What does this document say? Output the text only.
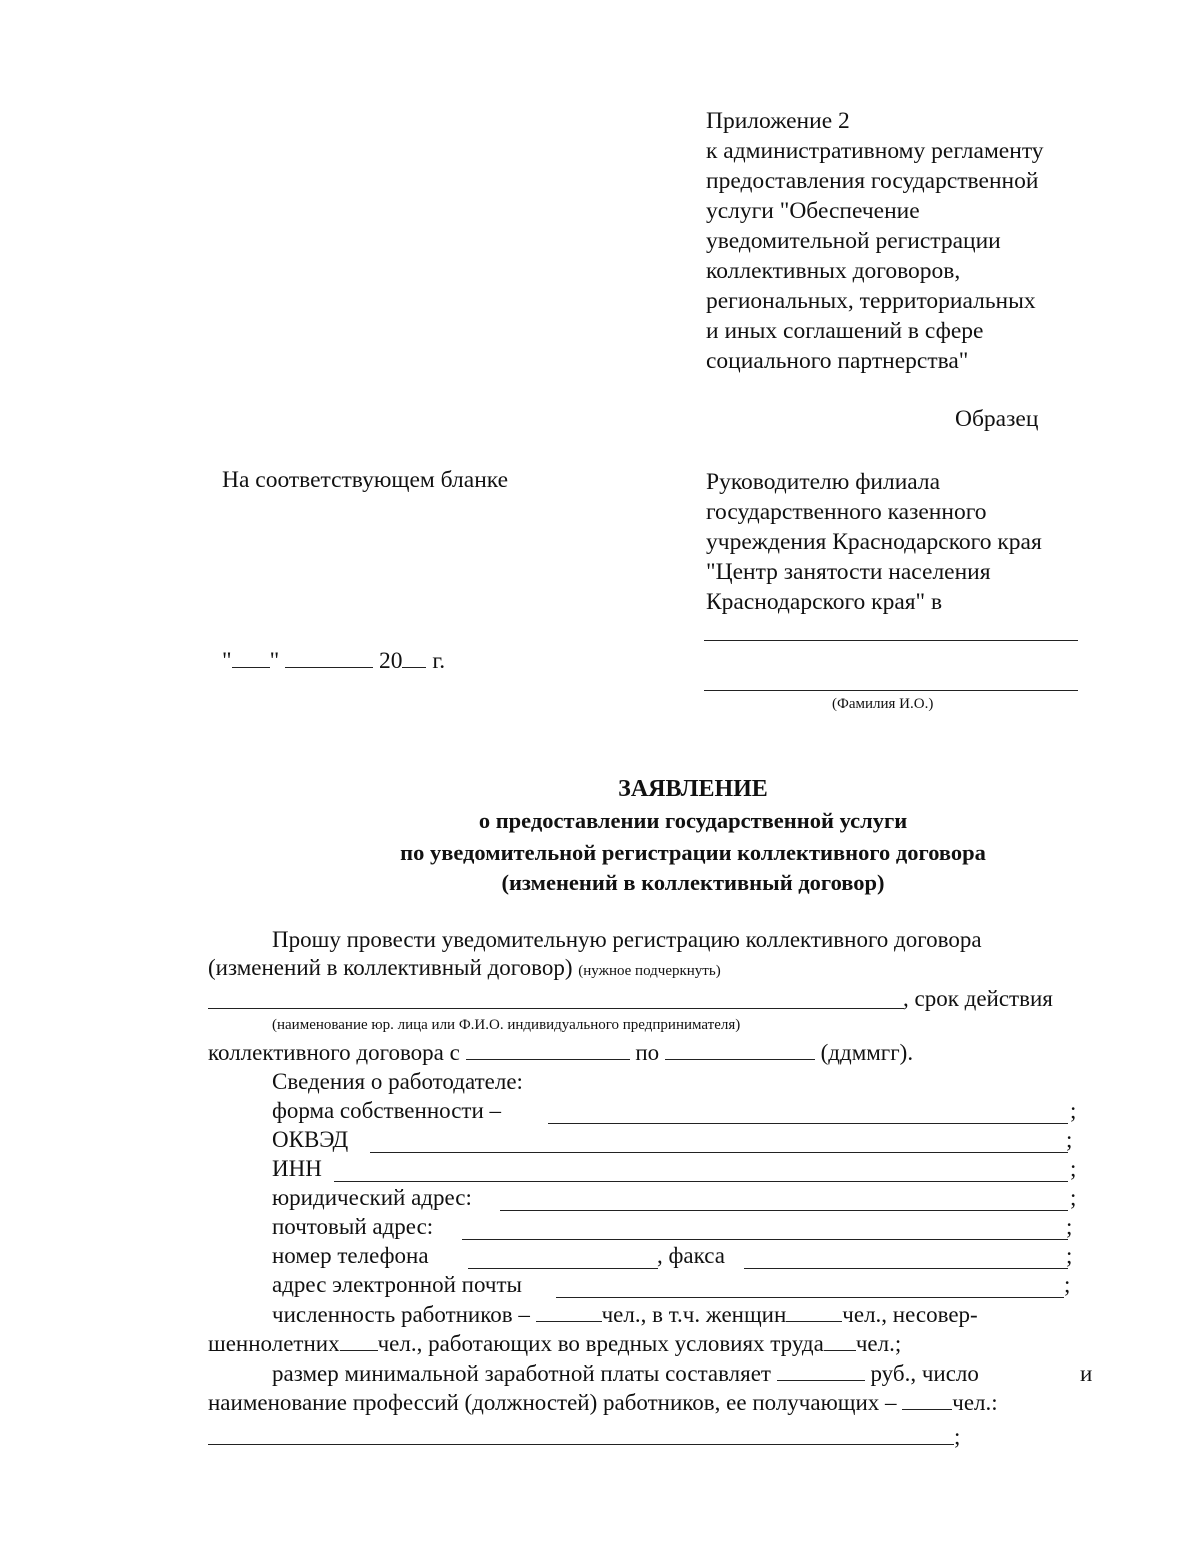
Приложение 2
к административному регламенту
предоставления государственной
услуги "Обеспечение
уведомительной регистрации
коллективных договоров,
региональных, территориальных
и иных соглашений в сфере
социального партнерства"
Образец
На соответствующем бланке	Руководителю филиала
государственного казенного
учреждения Краснодарского края
"Центр занятости населения
Краснодарского края" в
(Фамилия И.О.)
" "	20 г.
ЗАЯВЛЕНИЕ
о предоставлении государственной услуги
по уведомительной регистрации коллективного договора
(изменений в коллективный договор)
Прошу провести уведомительную регистрацию коллективного договора
(изменений в коллективный договор) (нужное подчеркнуть)
, срок действия
(наименование юр. лица или Ф.И.О. индивидуального предпринимателя)
коллективного договора с	по	(ддммгг).
Сведения о работодателе:
форма собственности –	;
ОКВЭД	;
ИНН	;
юридический адрес:	;
почтовый адрес:	;
номер телефона	, факса	;
адрес электронной почты	;
численность работников –	чел., в т.ч. женщин чел., несовер-
шеннолетних чел., работающих во вредных условиях труда чел.;
размер минимальной заработной платы составляет	руб., число	и
наименование профессий (должностей) работников, ее получающих – чел.:
;
